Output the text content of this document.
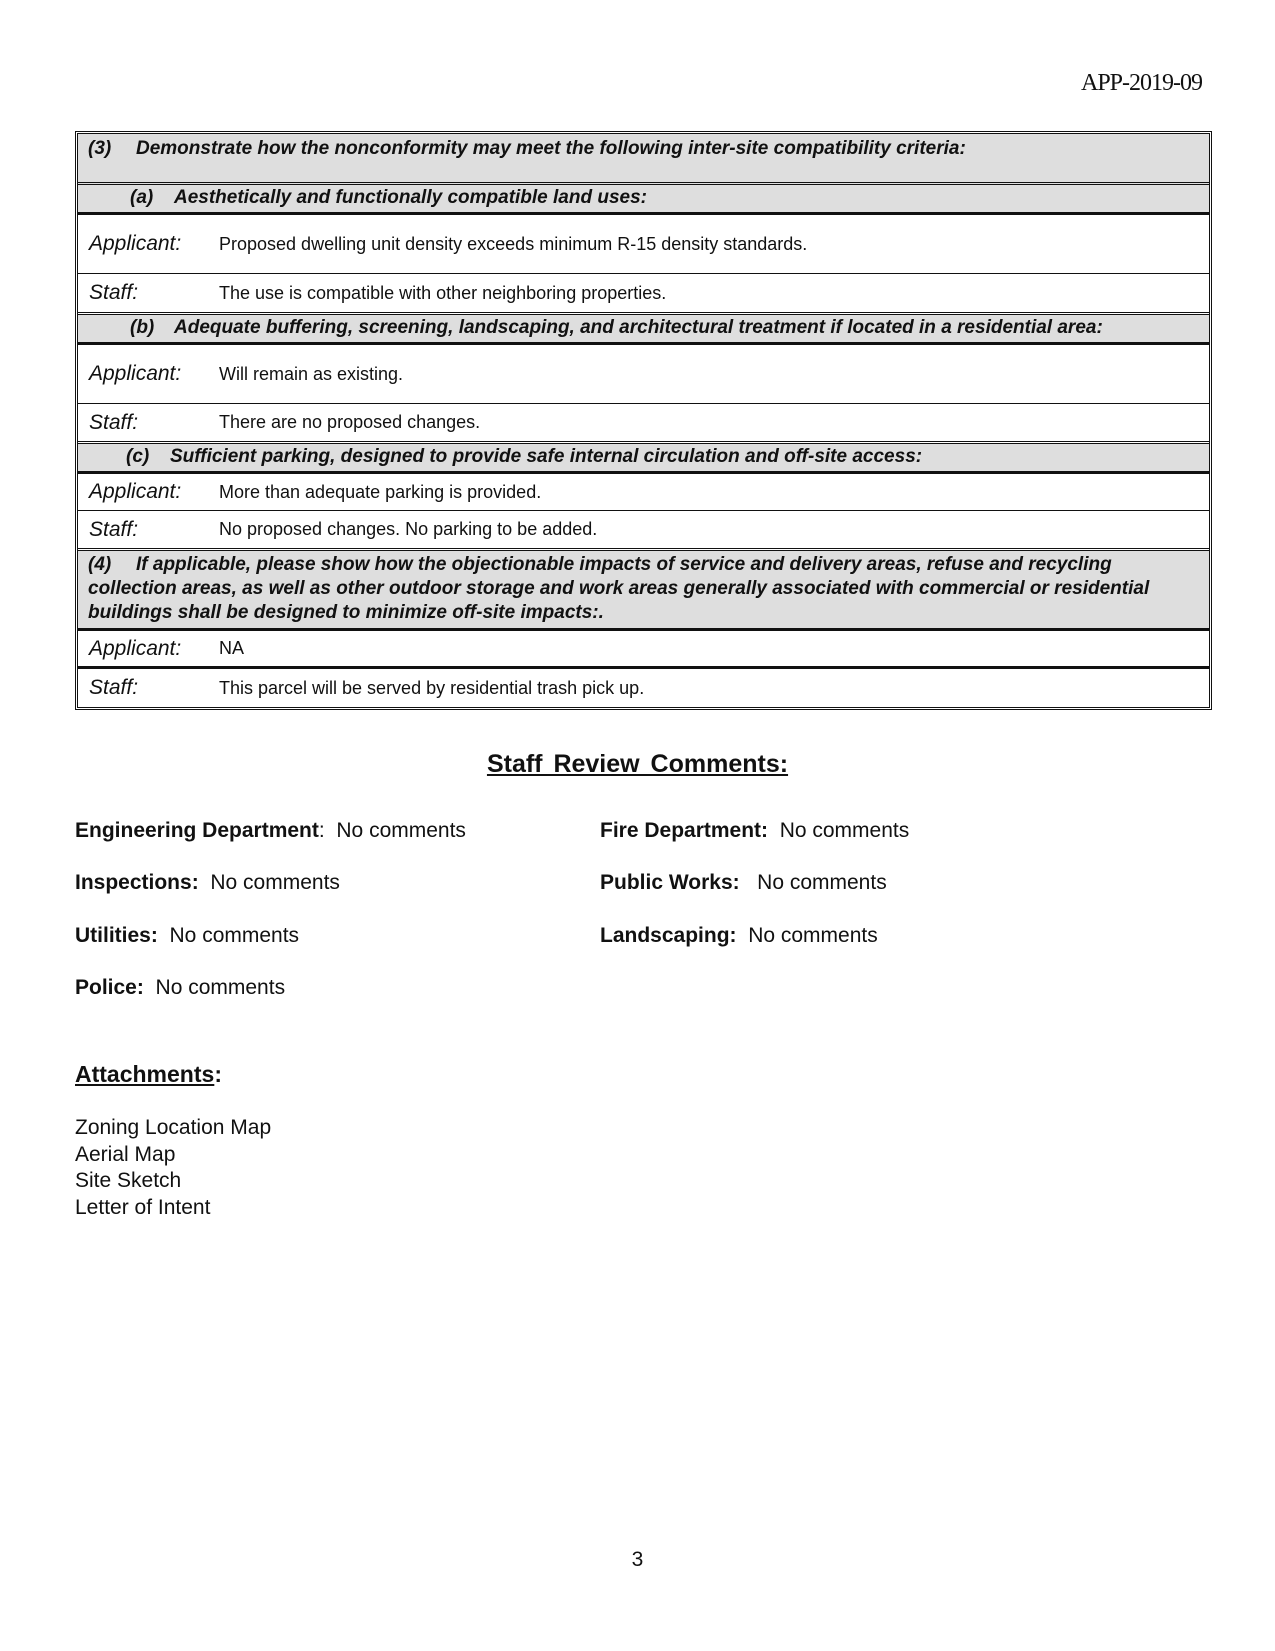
APP-2019-09
(3) Demonstrate how the nonconformity may meet the following inter-site compatibility criteria:
(a) Aesthetically and functionally compatible land uses:
Applicant:	Proposed dwelling unit density exceeds minimum R-15 density standards.
Staff:	The use is compatible with other neighboring properties.
(b) Adequate buffering, screening, landscaping, and architectural treatment if located in a residential area:
Applicant:	Will remain as existing.
Staff:	There are no proposed changes.
(c) Sufficient parking, designed to provide safe internal circulation and off-site access:
Applicant:	More than adequate parking is provided.
Staff:	No proposed changes. No parking to be added.
(4) If applicable, please show how the objectionable impacts of service and delivery areas, refuse and recycling collection areas, as well as other outdoor storage and work areas generally associated with commercial or residential buildings shall be designed to minimize off-site impacts:.
Applicant:	NA
Staff:	This parcel will be served by residential trash pick up.
Staff Review Comments:
Engineering Department: No comments	Fire Department: No comments
Inspections: No comments	Public Works: No comments
Utilities: No comments	Landscaping: No comments
Police: No comments
Attachments:
Zoning Location Map
Aerial Map
Site Sketch
Letter of Intent
3
